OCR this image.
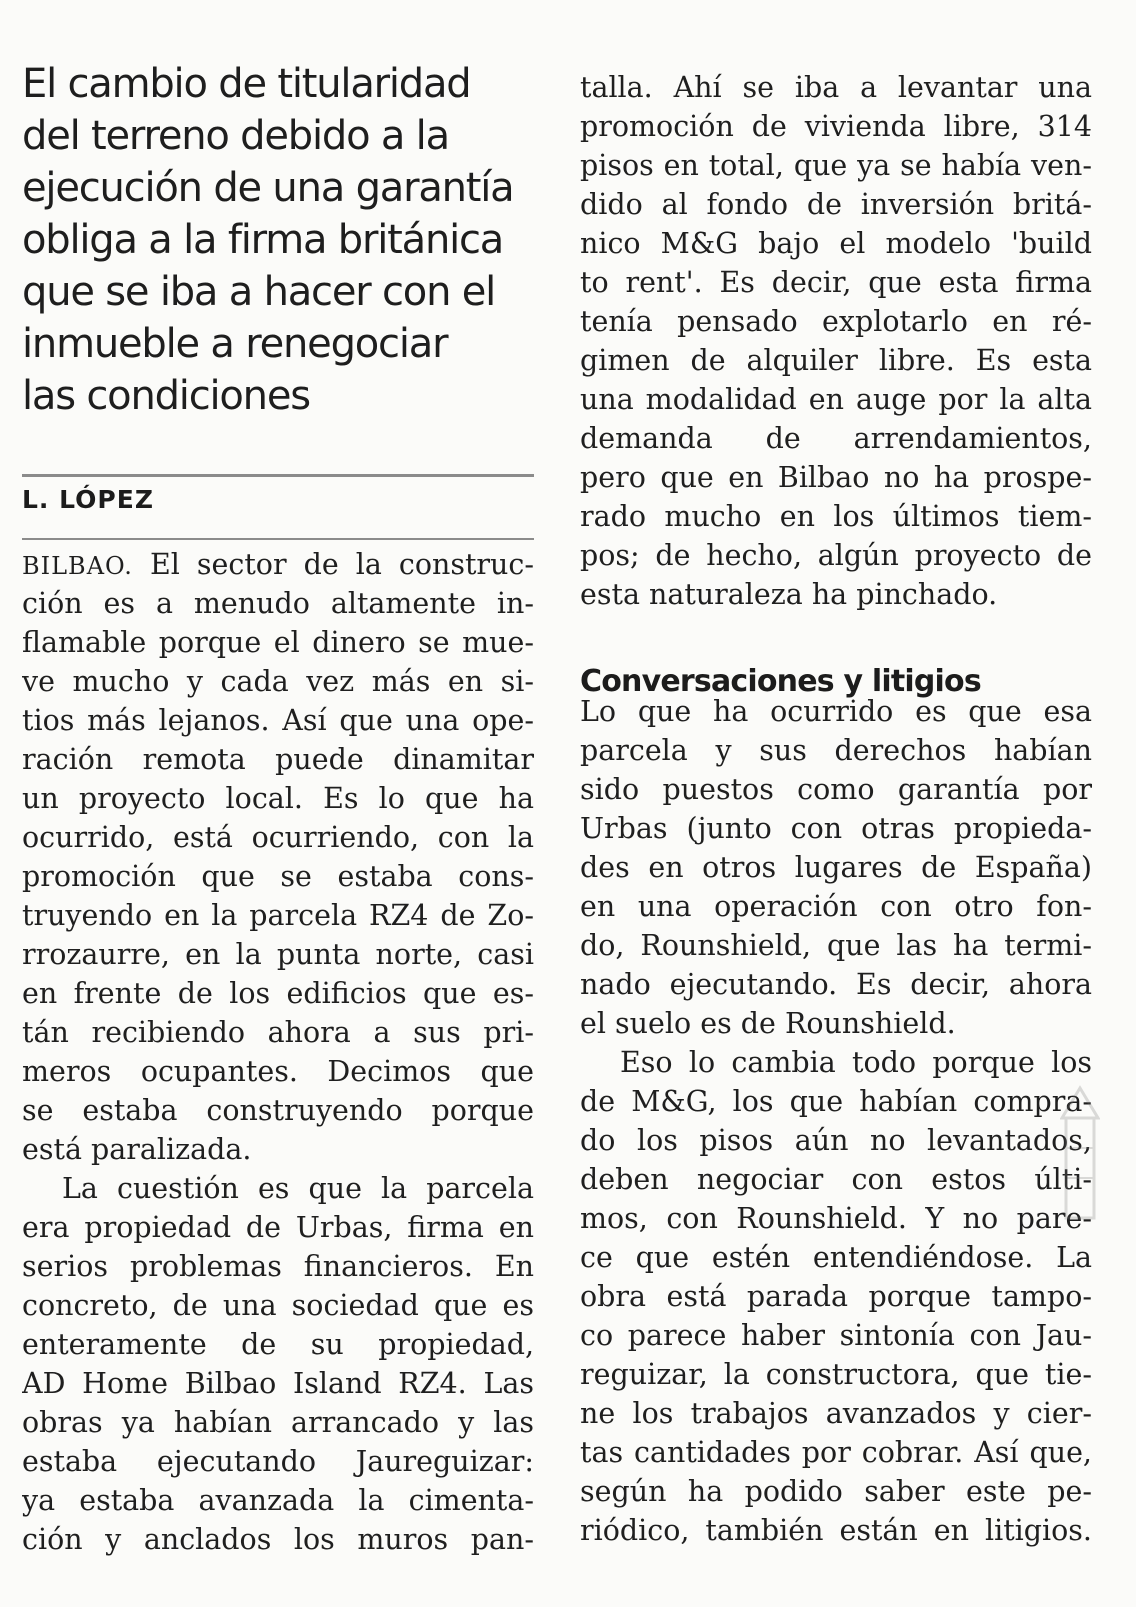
El cambio de titularidad
del terreno debido a la
ejecución de una garantía
obliga a la firma británica
que se iba a hacer con el
inmueble a renegociar
las condiciones
L. LÓPEZ
BILBAO. El sector de la construc-
ción es a menudo altamente in-
flamable porque el dinero se mue-
ve mucho y cada vez más en si-
tios más lejanos. Así que una ope-
ración remota puede dinamitar
un proyecto local. Es lo que ha
ocurrido, está ocurriendo, con la
promoción que se estaba cons-
truyendo en la parcela RZ4 de Zo-
rrozaurre, en la punta norte, casi
en frente de los edificios que es-
tán recibiendo ahora a sus pri-
meros ocupantes. Decimos que
se estaba construyendo porque
está paralizada.
La cuestión es que la parcela
era propiedad de Urbas, firma en
serios problemas financieros. En
concreto, de una sociedad que es
enteramente de su propiedad,
AD Home Bilbao Island RZ4. Las
obras ya habían arrancado y las
estaba ejecutando Jaureguizar:
ya estaba avanzada la cimenta-
ción y anclados los muros pan-
talla. Ahí se iba a levantar una
promoción de vivienda libre, 314
pisos en total, que ya se había ven-
dido al fondo de inversión britá-
nico M&G bajo el modelo 'build
to rent'. Es decir, que esta firma
tenía pensado explotarlo en ré-
gimen de alquiler libre. Es esta
una modalidad en auge por la alta
demanda de arrendamientos,
pero que en Bilbao no ha prospe-
rado mucho en los últimos tiem-
pos; de hecho, algún proyecto de
esta naturaleza ha pinchado.
Conversaciones y litigios
Lo que ha ocurrido es que esa
parcela y sus derechos habían
sido puestos como garantía por
Urbas (junto con otras propieda-
des en otros lugares de España)
en una operación con otro fon-
do, Rounshield, que las ha termi-
nado ejecutando. Es decir, ahora
el suelo es de Rounshield.
Eso lo cambia todo porque los
de M&G, los que habían compra-
do los pisos aún no levantados,
deben negociar con estos últi-
mos, con Rounshield. Y no pare-
ce que estén entendiéndose. La
obra está parada porque tampo-
co parece haber sintonía con Jau-
reguizar, la constructora, que tie-
ne los trabajos avanzados y cier-
tas cantidades por cobrar. Así que,
según ha podido saber este pe-
riódico, también están en litigios.
